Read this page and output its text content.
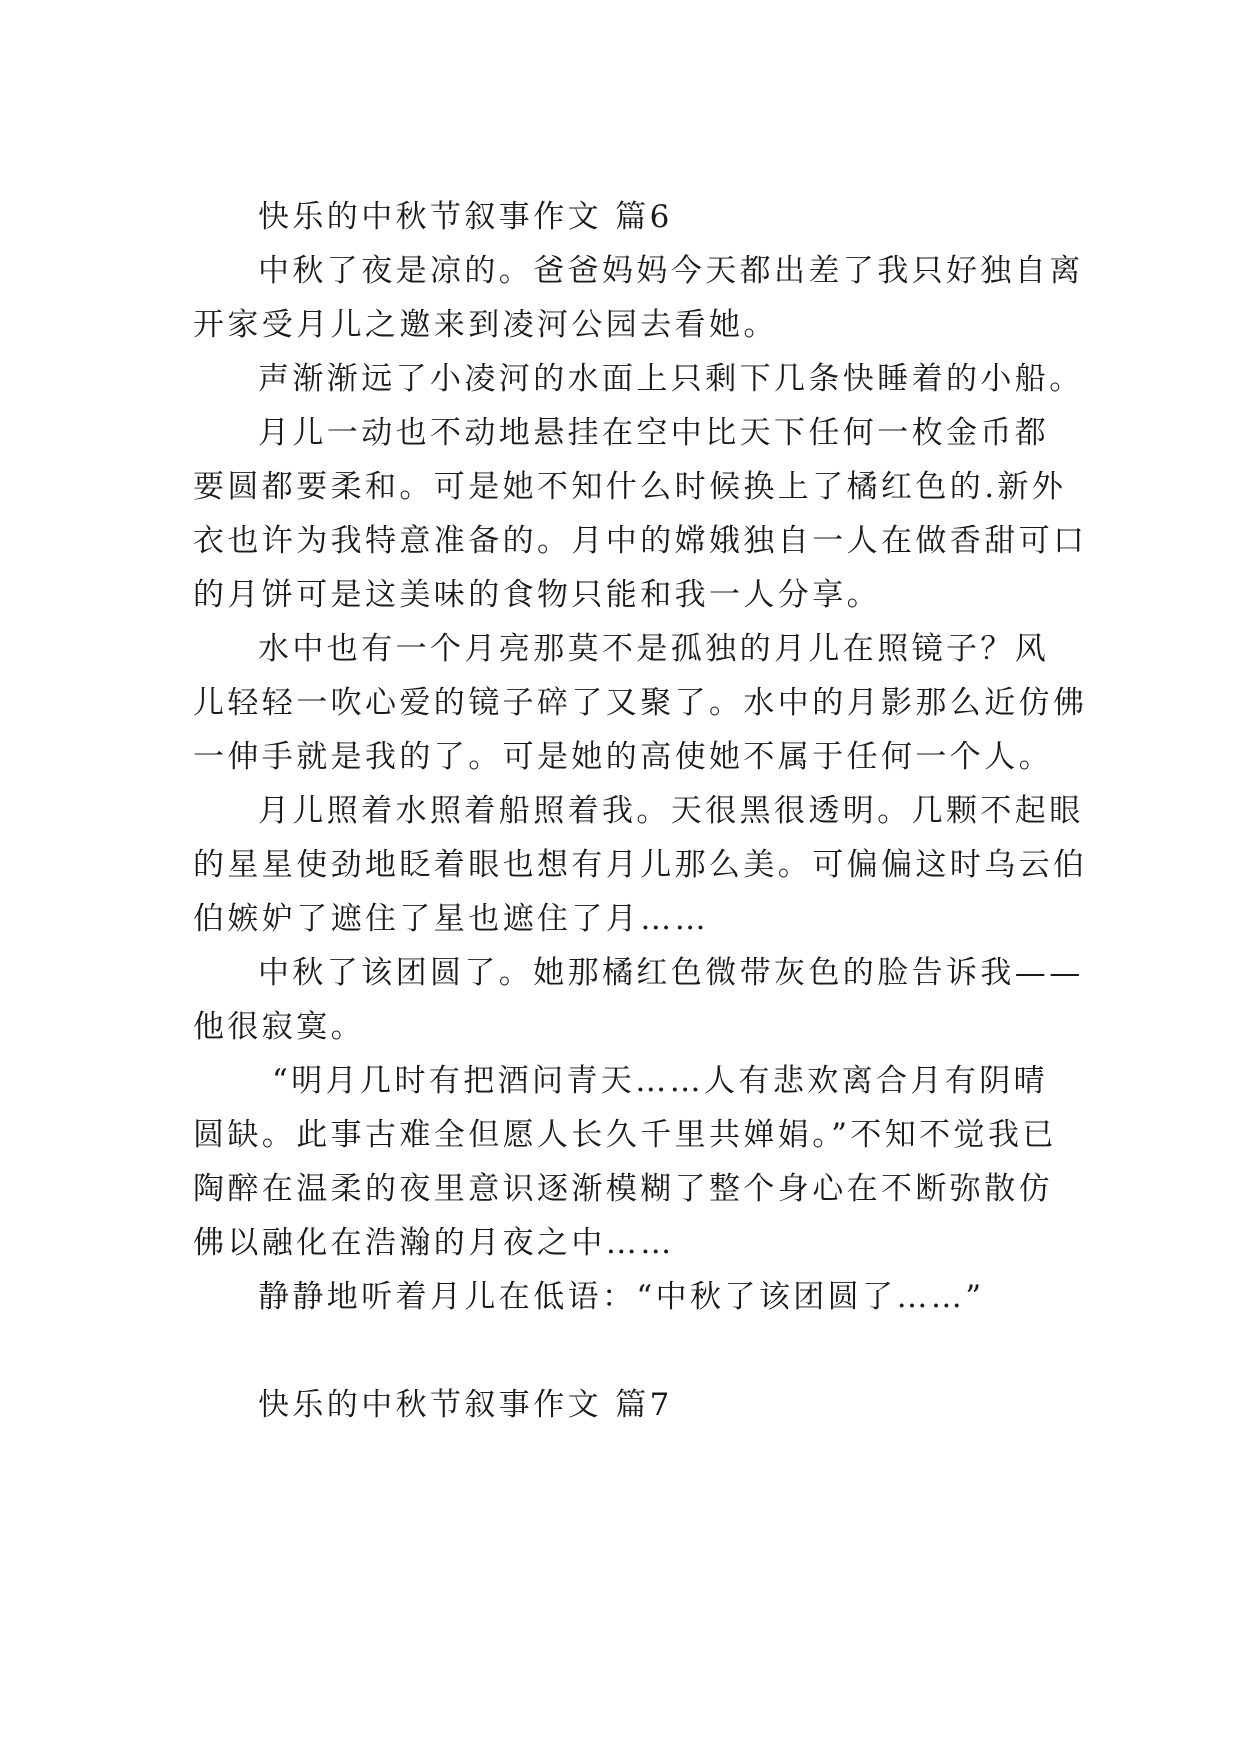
快乐的中秋节叙事作文 篇6
中秋了夜是凉的。爸爸妈妈今天都出差了我只好独自离
开家受月儿之邀来到凌河公园去看她。
声渐渐远了小凌河的水面上只剩下几条快睡着的小船。
月儿一动也不动地悬挂在空中比天下任何一枚金币都
要圆都要柔和。可是她不知什么时候换上了橘红色的.新外
衣也许为我特意准备的。月中的嫦娥独自一人在做香甜可口
的月饼可是这美味的食物只能和我一人分享。
水中也有一个月亮那莫不是孤独的月儿在照镜子？风
儿轻轻一吹心爱的镜子碎了又聚了。水中的月影那么近仿佛
一伸手就是我的了。可是她的高使她不属于任何一个人。
月儿照着水照着船照着我。天很黑很透明。几颗不起眼
的星星使劲地眨着眼也想有月儿那么美。可偏偏这时乌云伯
伯嫉妒了遮住了星也遮住了月……
中秋了该团圆了。她那橘红色微带灰色的脸告诉我——
他很寂寞。
“明月几时有把酒问青天……人有悲欢离合月有阴晴
圆缺。此事古难全但愿人长久千里共婵娟。”不知不觉我已
陶醉在温柔的夜里意识逐渐模糊了整个身心在不断弥散仿
佛以融化在浩瀚的月夜之中……
静静地听着月儿在低语：“中秋了该团圆了……”
快乐的中秋节叙事作文 篇7
